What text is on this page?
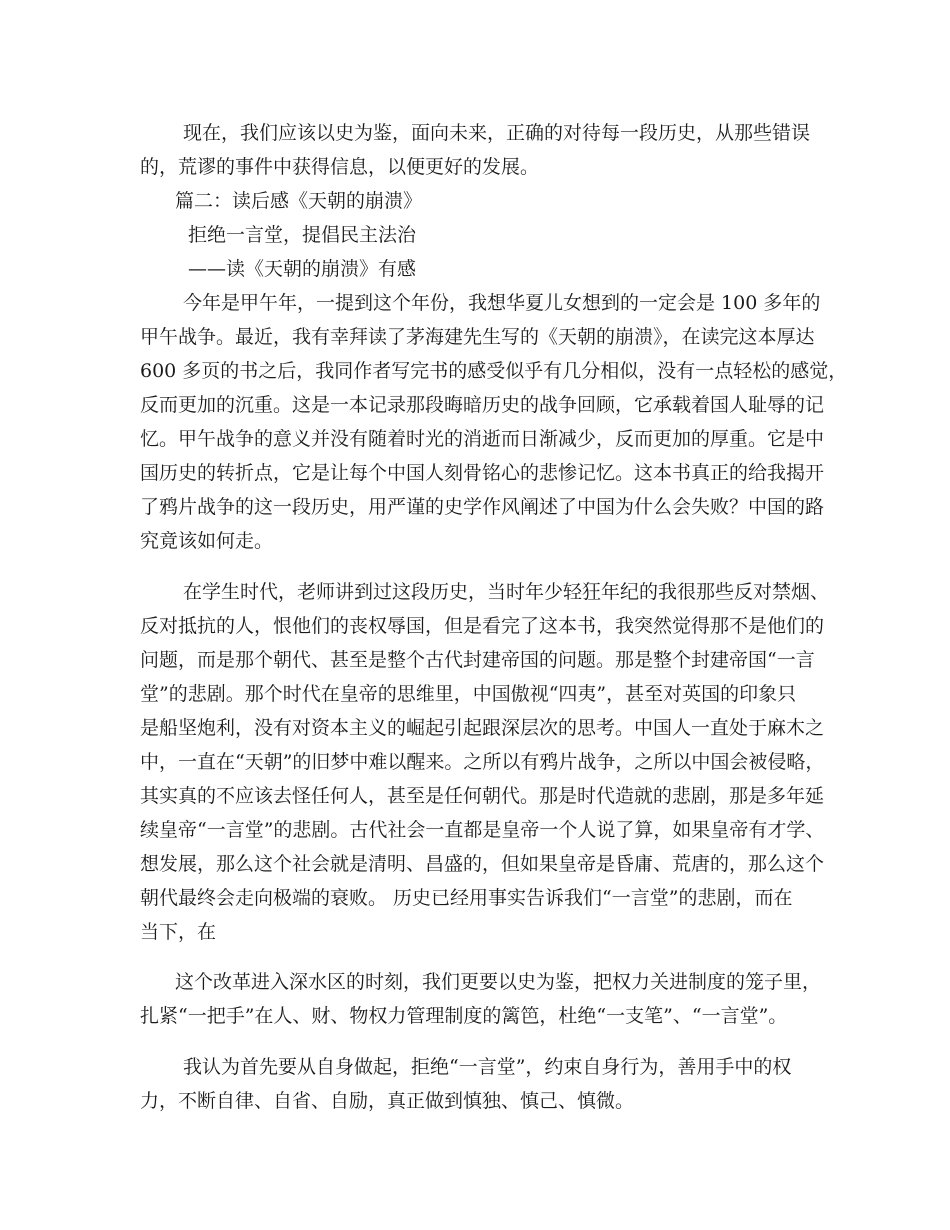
现在，我们应该以史为鉴，面向未来，正确的对待每一段历史，从那些错误

的，荒谬的事件中获得信息，以便更好的发展。

篇二：读后感《天朝的崩溃》

拒绝一言堂，提倡民主法治

——读《天朝的崩溃》有感

今年是甲午年，一提到这个年份，我想华夏儿女想到的一定会是 100 多年的

甲午战争。最近，我有幸拜读了茅海建先生写的《天朝的崩溃》，在读完这本厚达

600 多页的书之后，我同作者写完书的感受似乎有几分相似，没有一点轻松的感觉，

反而更加的沉重。这是一本记录那段晦暗历史的战争回顾，它承载着国人耻辱的记

忆。甲午战争的意义并没有随着时光的消逝而日渐减少，反而更加的厚重。它是中

国历史的转折点，它是让每个中国人刻骨铭心的悲惨记忆。这本书真正的给我揭开

了鸦片战争的这一段历史，用严谨的史学作风阐述了中国为什么会失败？中国的路

究竟该如何走。

在学生时代，老师讲到过这段历史，当时年少轻狂年纪的我很那些反对禁烟、

反对抵抗的人，恨他们的丧权辱国，但是看完了这本书，我突然觉得那不是他们的

问题，而是那个朝代、甚至是整个古代封建帝国的问题。那是整个封建帝国“一言

堂”的悲剧。那个时代在皇帝的思维里，中国傲视“四夷”，甚至对英国的印象只

是船坚炮利，没有对资本主义的崛起引起跟深层次的思考。中国人一直处于麻木之

中，一直在“天朝”的旧梦中难以醒来。之所以有鸦片战争，之所以中国会被侵略，

其实真的不应该去怪任何人，甚至是任何朝代。那是时代造就的悲剧，那是多年延

续皇帝“一言堂”的悲剧。古代社会一直都是皇帝一个人说了算，如果皇帝有才学、

想发展，那么这个社会就是清明、昌盛的，但如果皇帝是昏庸、荒唐的，那么这个

朝代最终会走向极端的衰败。 历史已经用事实告诉我们“一言堂”的悲剧，而在

当下，在

这个改革进入深水区的时刻，我们更要以史为鉴，把权力关进制度的笼子里，

扎紧“一把手”在人、财、物权力管理制度的篱笆，杜绝“一支笔”、“一言堂”。

我认为首先要从自身做起，拒绝“一言堂”，约束自身行为，善用手中的权

力，不断自律、自省、自励，真正做到慎独、慎己、慎微。
